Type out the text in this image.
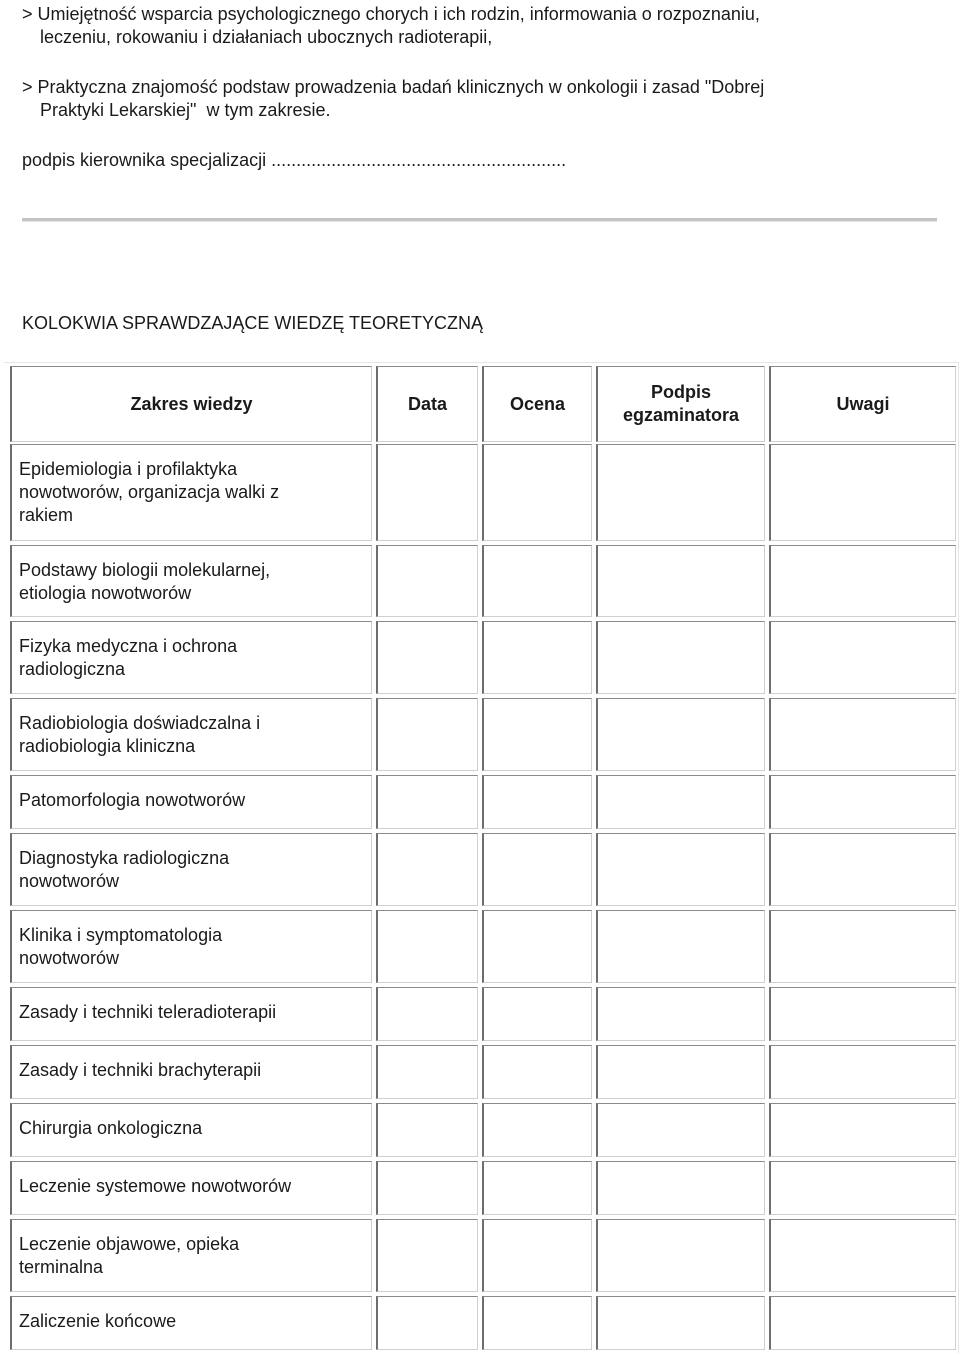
> Umiejętność wsparcia psychologicznego chorych i ich rodzin, informowania o rozpoznaniu,
leczeniu, rokowaniu i działaniach ubocznych radioterapii,

> Praktyczna znajomość podstaw prowadzenia badań klinicznych w onkologii i zasad "Dobrej
Praktyki Lekarskiej"  w tym zakresie.

podpis kierownika specjalizacji ...........................................................

KOLOKWIA SPRAWDZAJĄCE WIEDZĘ TEORETYCZNĄ
Zakres wiedzy	Data	Ocena
Podpis
egzaminatora
Uwagi
Epidemiologia i profilaktyka
nowotworów, organizacja walki z
rakiem
Podstawy biologii molekularnej,
etiologia nowotworów
Fizyka medyczna i ochrona
radiologiczna
Radiobiologia doświadczalna i
radiobiologia kliniczna
Patomorfologia nowotworów
Diagnostyka radiologiczna
nowotworów
Klinika i symptomatologia
nowotworów
Zasady i techniki teleradioterapii
Zasady i techniki brachyterapii
Chirurgia onkologiczna
Leczenie systemowe nowotworów
Leczenie objawowe, opieka
terminalna
Zaliczenie końcowe
